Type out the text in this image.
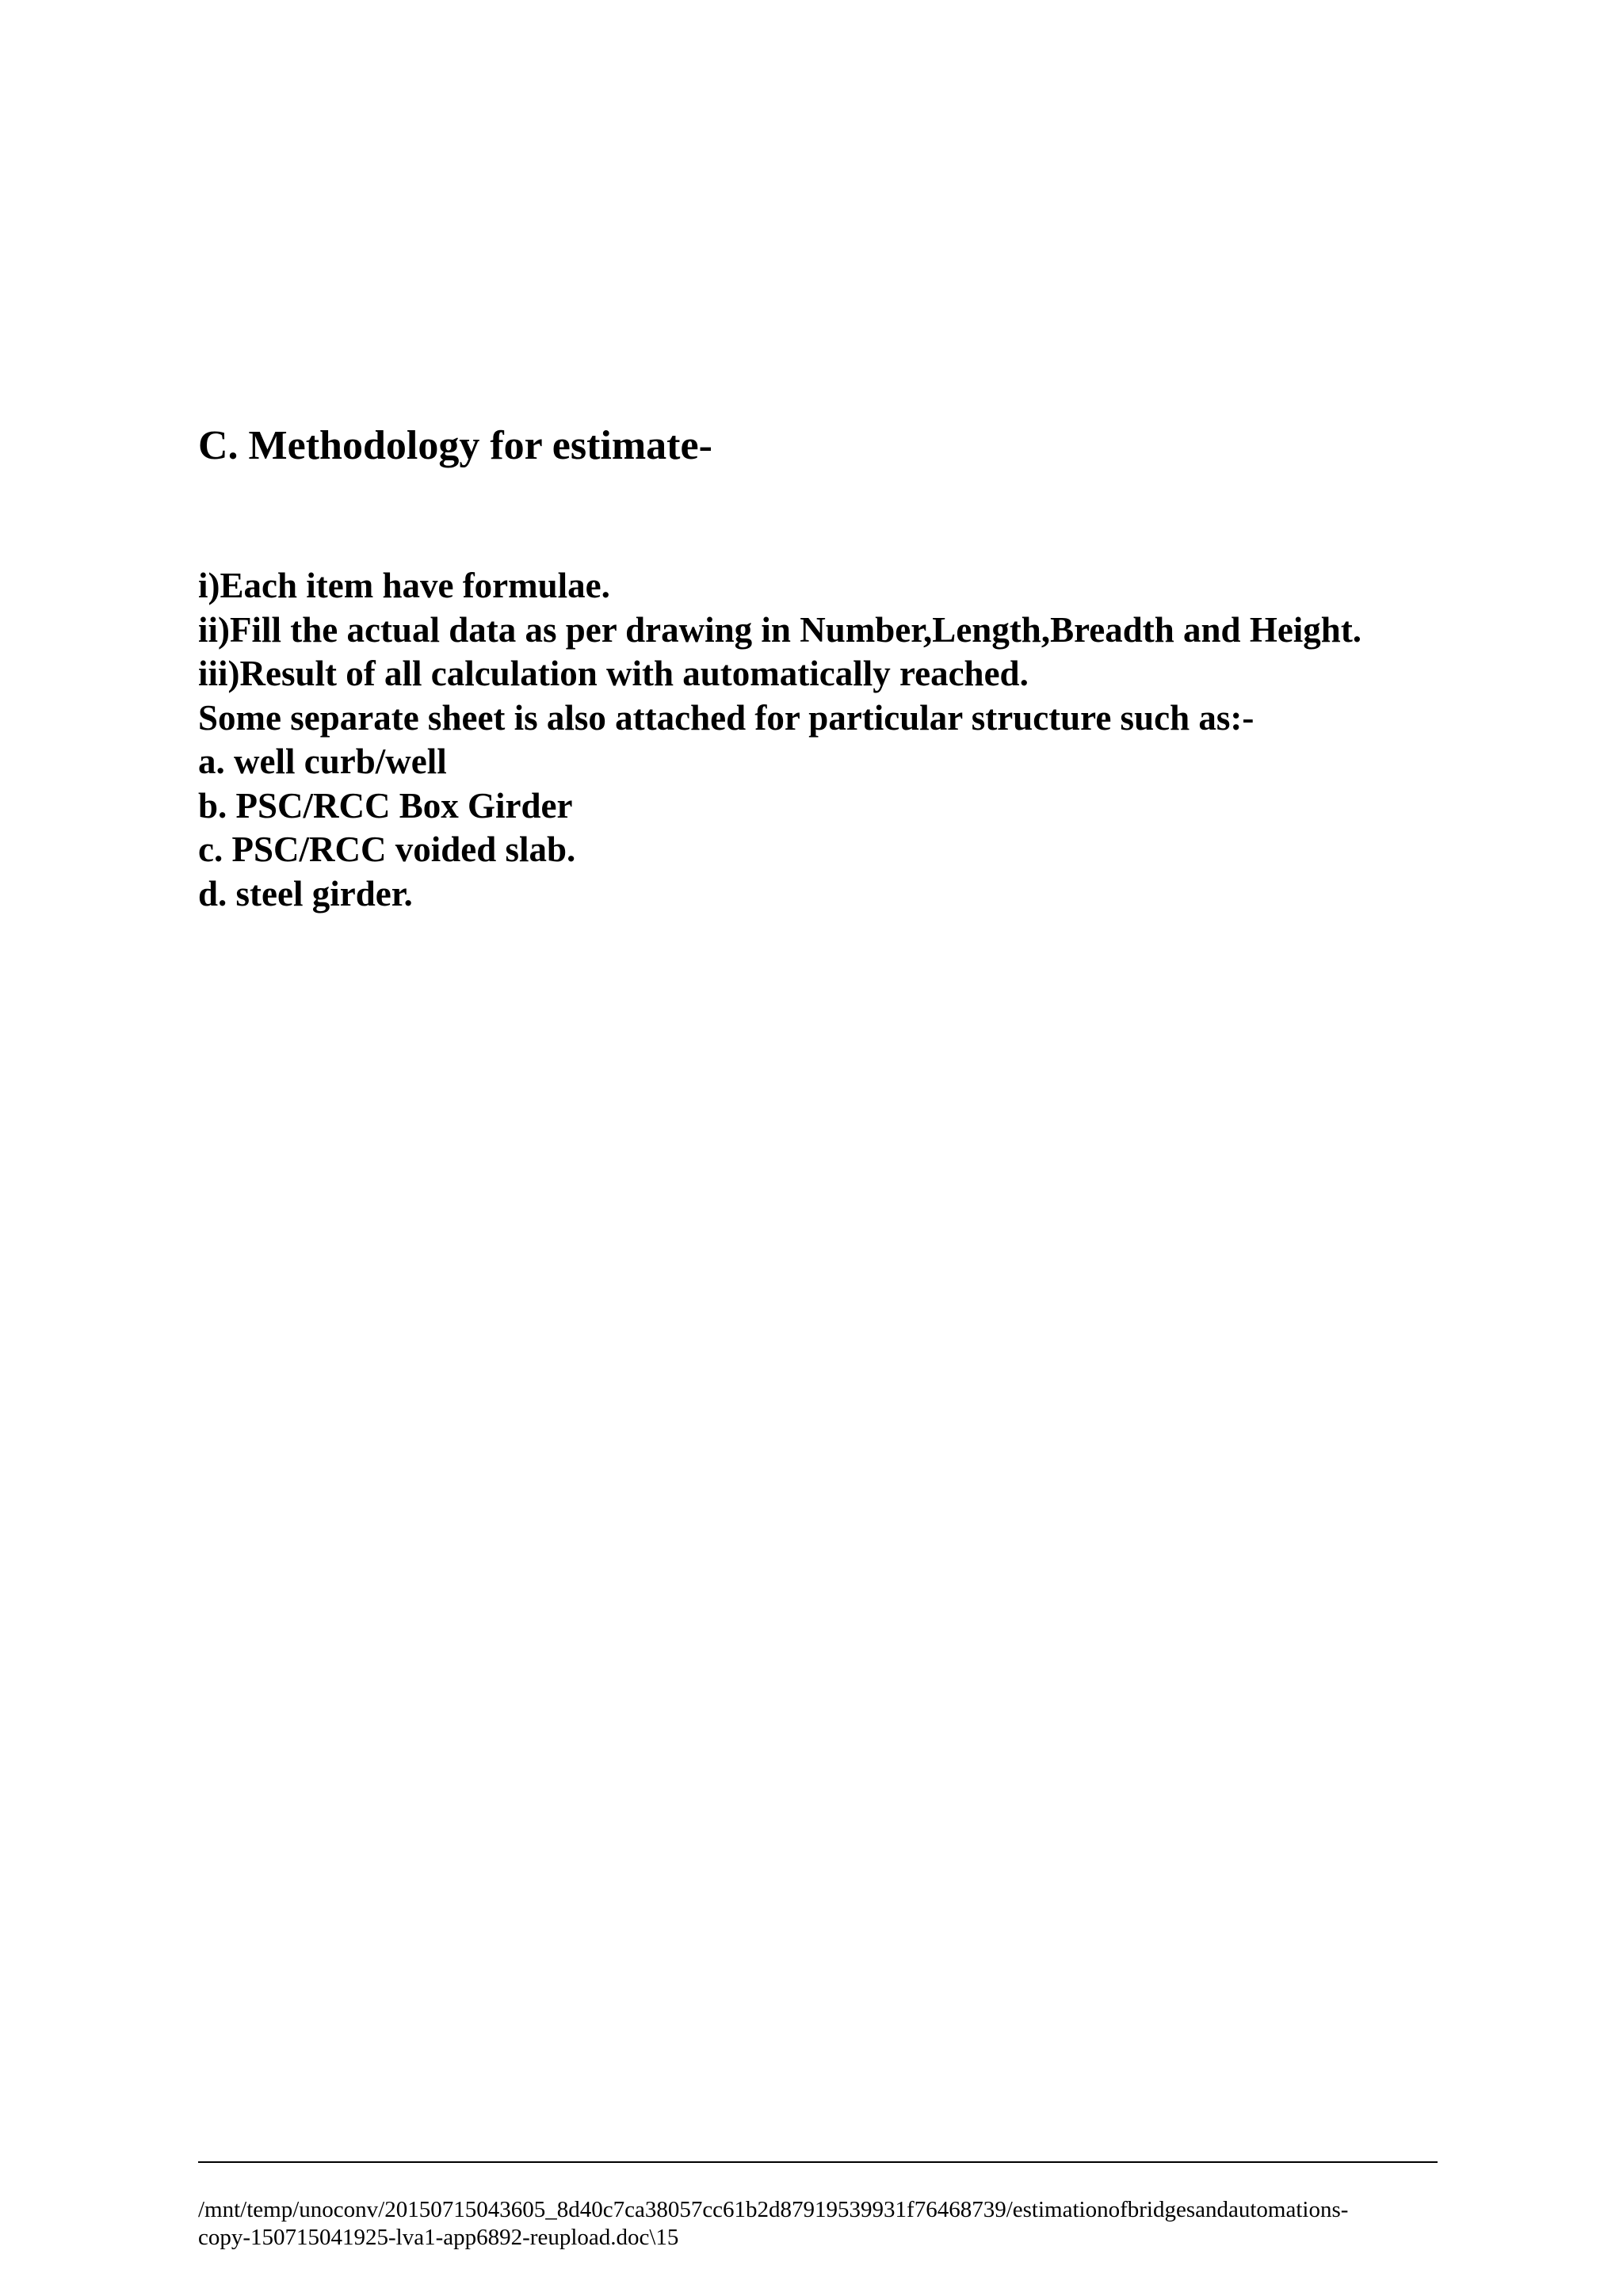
C. Methodology for estimate-
i)Each item have formulae.
ii)Fill the actual data as per drawing in Number,Length,Breadth and Height.
iii)Result of all calculation with automatically reached.
Some separate sheet is also attached for particular structure such as:-
a. well curb/well
b. PSC/RCC Box Girder
c. PSC/RCC voided slab.
d. steel girder.
/mnt/temp/unoconv/20150715043605_8d40c7ca38057cc61b2d87919539931f76468739/estimationofbridgesandautomations-
copy-150715041925-lva1-app6892-reupload.doc\15
